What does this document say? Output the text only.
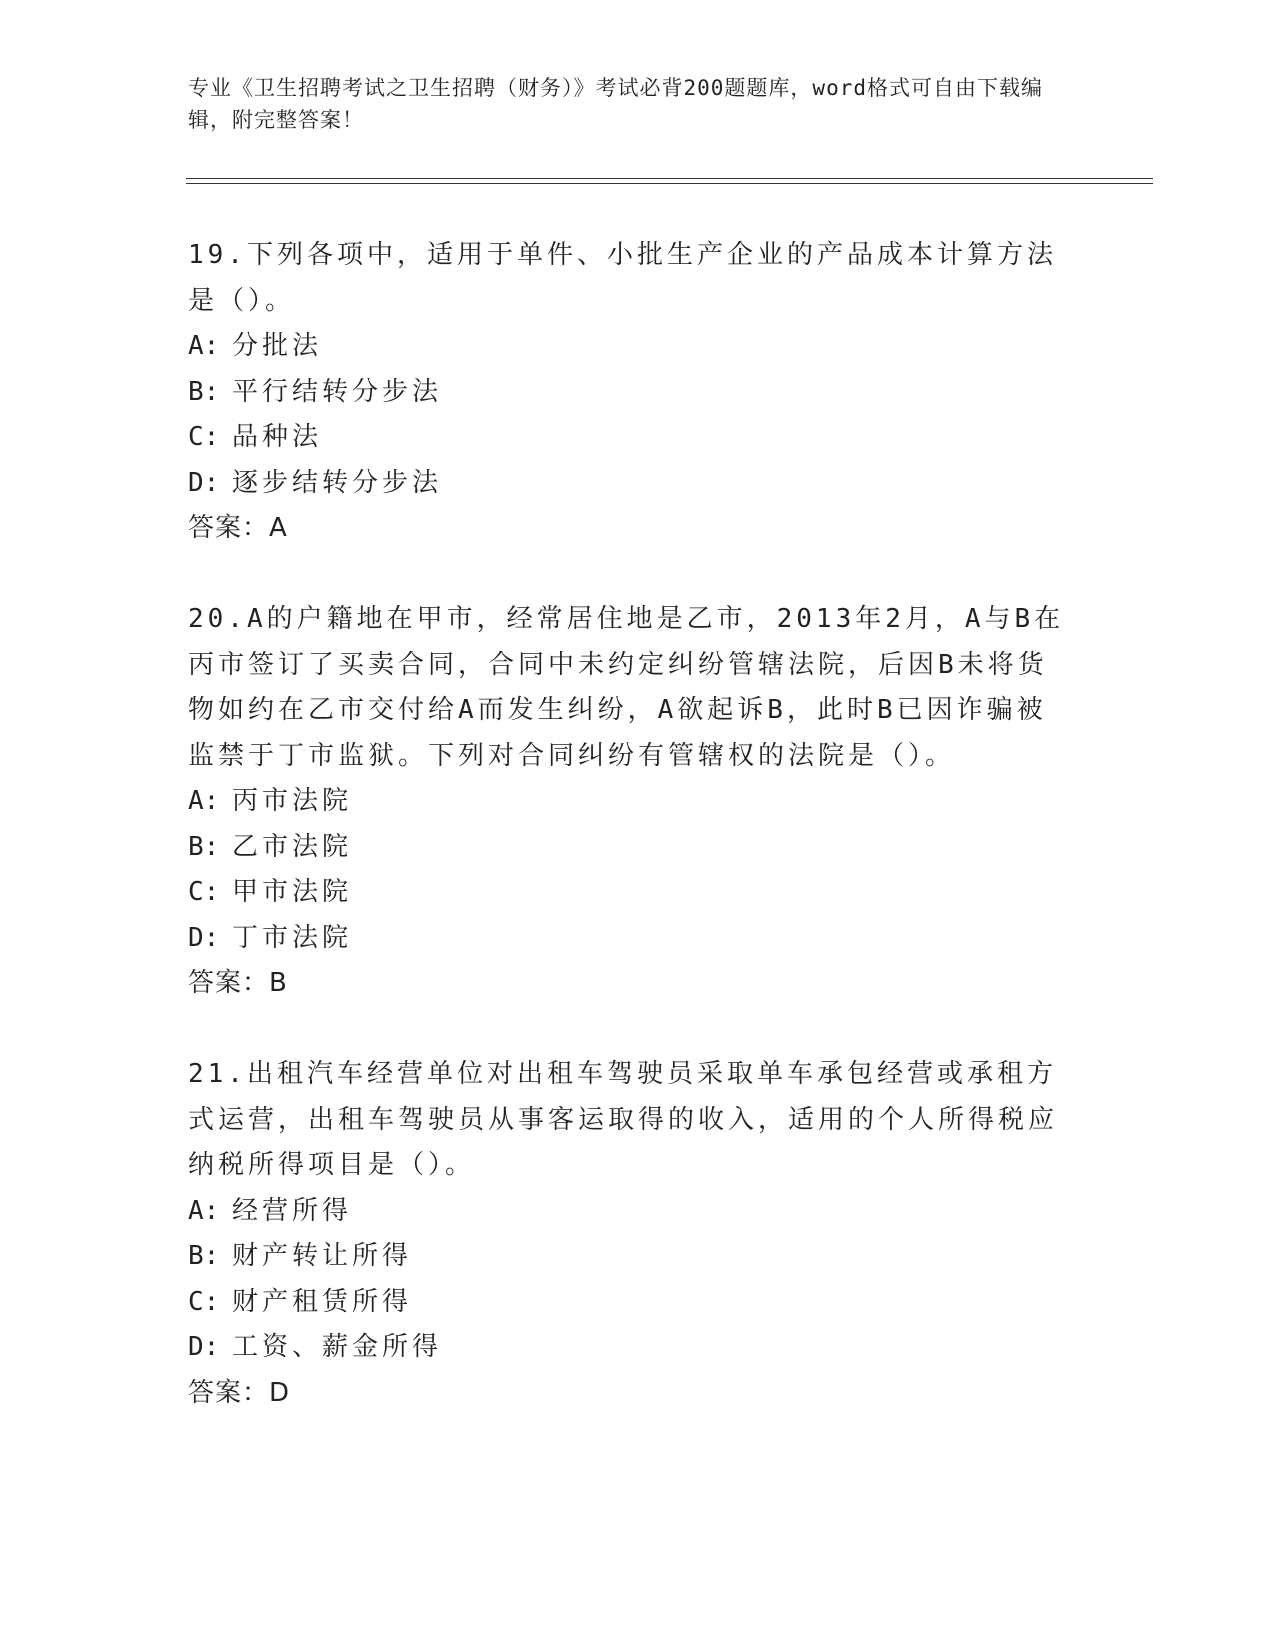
专业《卫生招聘考试之卫生招聘（财务）》考试必背200题题库，word格式可自由下载编辑，附完整答案！

19.下列各项中，适用于单件、小批生产企业的产品成本计算方法是（）。

A: 分批法
B: 平行结转分步法
C: 品种法
D: 逐步结转分步法
答案：A

20.A的户籍地在甲市，经常居住地是乙市，2013年2月，A与B在丙市签订了买卖合同，合同中未约定纠纷管辖法院，后因B未将货物如约在乙市交付给A而发生纠纷，A欲起诉B，此时B已因诈骗被监禁于丁市监狱。下列对合同纠纷有管辖权的法院是（）。

A: 丙市法院
B: 乙市法院
C: 甲市法院
D: 丁市法院
答案：B

21.出租汽车经营单位对出租车驾驶员采取单车承包经营或承租方式运营，出租车驾驶员从事客运取得的收入，适用的个人所得税应纳税所得项目是（）。

A: 经营所得
B: 财产转让所得
C: 财产租赁所得
D: 工资、薪金所得
答案：D
